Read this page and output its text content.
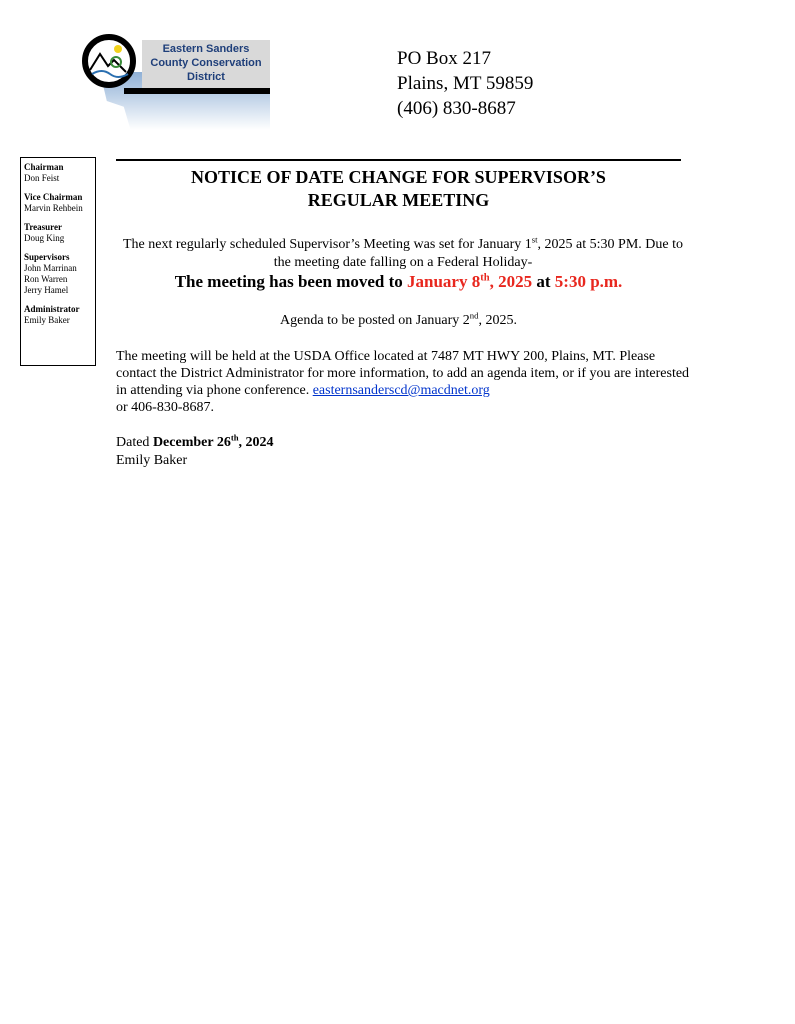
Eastern Sanders
County Conservation
District
PO Box 217
Plains, MT 59859
(406) 830-8687
Chairman
Don Feist
Vice Chairman
Marvin Rehbein
Treasurer
Doug King
Supervisors
John Marrinan
Ron Warren
Jerry Hamel
Administrator
Emily Baker
NOTICE OF DATE CHANGE FOR SUPERVISOR’S
REGULAR MEETING
The next regularly scheduled Supervisor’s Meeting was set for January 1st, 2025 at 5:30 PM. Due to the meeting date falling on a Federal Holiday-
The meeting has been moved to January 8th, 2025 at 5:30 p.m.
Agenda to be posted on January 2nd, 2025.
The meeting will be held at the USDA Office located at 7487 MT HWY 200, Plains, MT. Please contact the District Administrator for more information, to add an agenda item, or if you are interested in attending via phone conference. easternsanderscd@macdnet.org
or 406-830-8687.
Dated December 26th, 2024
Emily Baker
